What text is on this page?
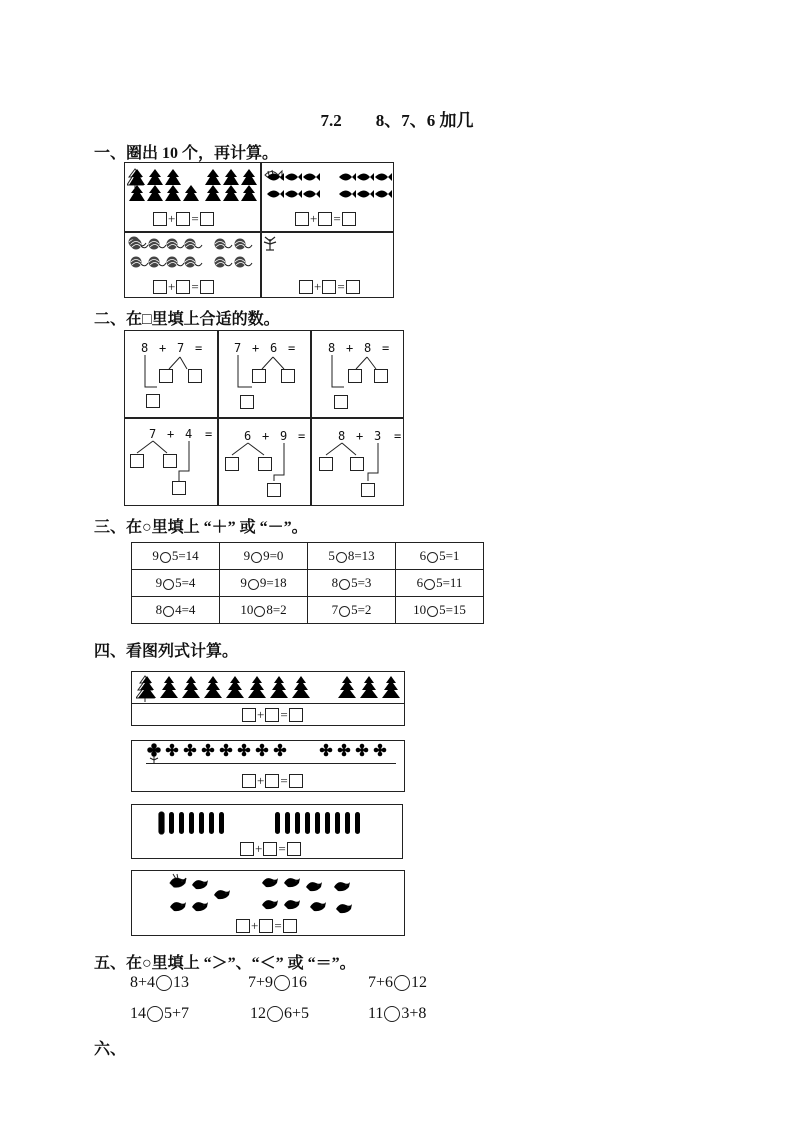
7.2　　8、7、6 加几
一、圈出 10 个，再计算。
+ =	+ =
+ =	+ =
二、在□里填上合适的数。
8 + 7 =	7 + 6 =	8 + 8 =
7 + 4 =	6 + 9 =	8 + 3 =
三、在○里填上 “＋” 或 “－”。
9 5=14	9 9=0	5 8=13	6 5=1
9 5=4	9 9=18	8 5=3	6 5=11
8 4=4	10 8=2	7 5=2	10 5=15
四、看图列式计算。
+ =
+ =
+ =
+ =
五、在○里填上 “＞”、“＜” 或 “＝”。
8+4 13	7+9 16	7+6 12
14 5+7	12 6+5	11 3+8
六、
